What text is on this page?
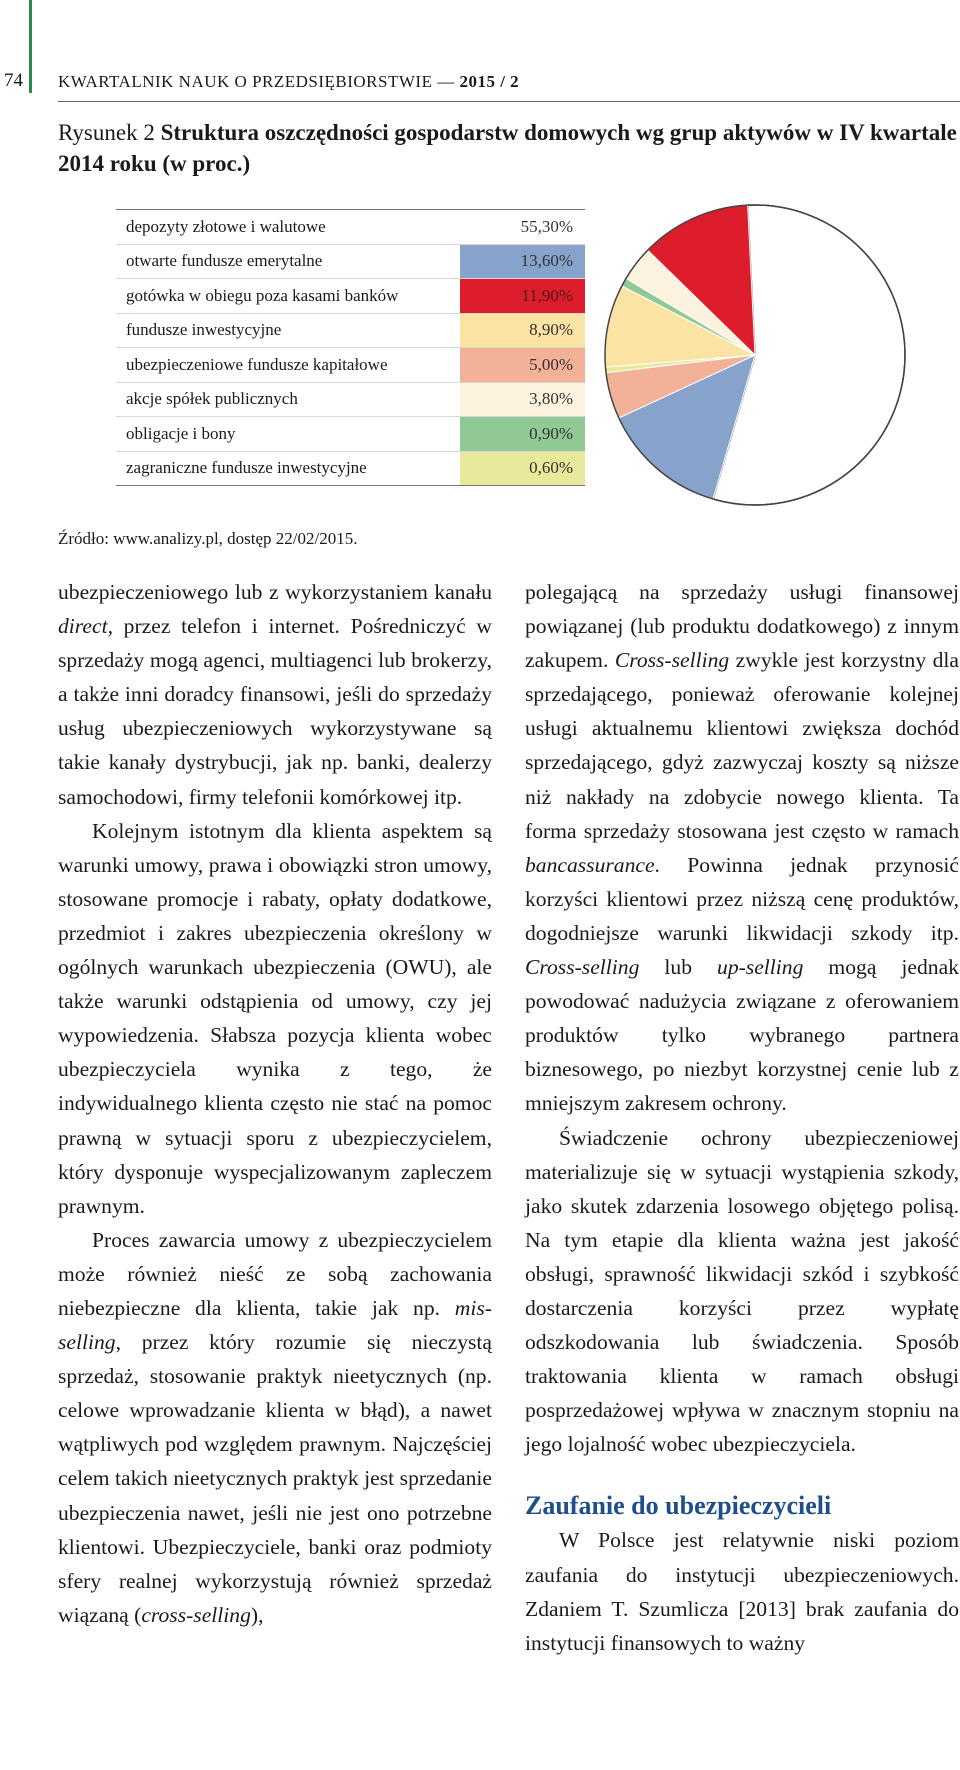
74 KWARTALNIK NAUK O PRZEDSIĘBIORSTWIE — 2015 / 2
Rysunek 2 Struktura oszczędności gospodarstw domowych wg grup aktywów w IV kwartale 2014 roku (w proc.)
depozyty złotowe i walutowe	55,30%
otwarte fundusze emerytalne	13,60%
gotówka w obiegu poza kasami banków	11,90%
fundusze inwestycyjne	8,90%
ubezpieczeniowe fundusze kapitałowe	5,00%
akcje spółek publicznych	3,80%
obligacje i bony	0,90%
zagraniczne fundusze inwestycyjne	0,60%
Źródło: www.analizy.pl, dostęp 22/02/2015.

ubezpieczeniowego lub z wykorzystaniem kanału direct, przez telefon i internet. Pośredniczyć w sprzedaży mogą agenci, multiagenci lub brokerzy, a także inni doradcy finansowi, jeśli do sprzedaży usług ubezpieczeniowych wykorzystywane są takie kanały dystrybucji, jak np. banki, dealerzy samochodowi, firmy telefonii komórkowej itp.

Kolejnym istotnym dla klienta aspektem są warunki umowy, prawa i obowiązki stron umowy, stosowane promocje i rabaty, opłaty dodatkowe, przedmiot i zakres ubezpieczenia określony w ogólnych warunkach ubezpieczenia (OWU), ale także warunki odstąpienia od umowy, czy jej wypowiedzenia. Słabsza pozycja klienta wobec ubezpieczyciela wynika z tego, że indywidualnego klienta często nie stać na pomoc prawną w sytuacji sporu z ubezpieczycielem, który dysponuje wyspecjalizowanym zapleczem prawnym.

Proces zawarcia umowy z ubezpieczycielem może również nieść ze sobą zachowania niebezpieczne dla klienta, takie jak np. mis-selling, przez który rozumie się nieczystą sprzedaż, stosowanie praktyk nieetycznych (np. celowe wprowadzanie klienta w błąd), a nawet wątpliwych pod względem prawnym. Najczęściej celem takich nieetycznych praktyk jest sprzedanie ubezpieczenia nawet, jeśli nie jest ono potrzebne klientowi. Ubezpieczyciele, banki oraz podmioty sfery realnej wykorzystują również sprzedaż wiązaną (cross-selling),

polegającą na sprzedaży usługi finansowej powiązanej (lub produktu dodatkowego) z innym zakupem. Cross-selling zwykle jest korzystny dla sprzedającego, ponieważ oferowanie kolejnej usługi aktualnemu klientowi zwiększa dochód sprzedającego, gdyż zazwyczaj koszty są niższe niż nakłady na zdobycie nowego klienta. Ta forma sprzedaży stosowana jest często w ramach bancassurance. Powinna jednak przynosić korzyści klientowi przez niższą cenę produktów, dogodniejsze warunki likwidacji szkody itp. Cross-selling lub up-selling mogą jednak powodować nadużycia związane z oferowaniem produktów tylko wybranego partnera biznesowego, po niezbyt korzystnej cenie lub z mniejszym zakresem ochrony.

Świadczenie ochrony ubezpieczeniowej materializuje się w sytuacji wystąpienia szkody, jako skutek zdarzenia losowego objętego polisą. Na tym etapie dla klienta ważna jest jakość obsługi, sprawność likwidacji szkód i szybkość dostarczenia korzyści przez wypłatę odszkodowania lub świadczenia. Sposób traktowania klienta w ramach obsługi posprzedażowej wpływa w znacznym stopniu na jego lojalność wobec ubezpieczyciela.

Zaufanie do ubezpieczycieli

W Polsce jest relatywnie niski poziom zaufania do instytucji ubezpieczeniowych. Zdaniem T. Szumlicza [2013] brak zaufania do instytucji finansowych to ważny
